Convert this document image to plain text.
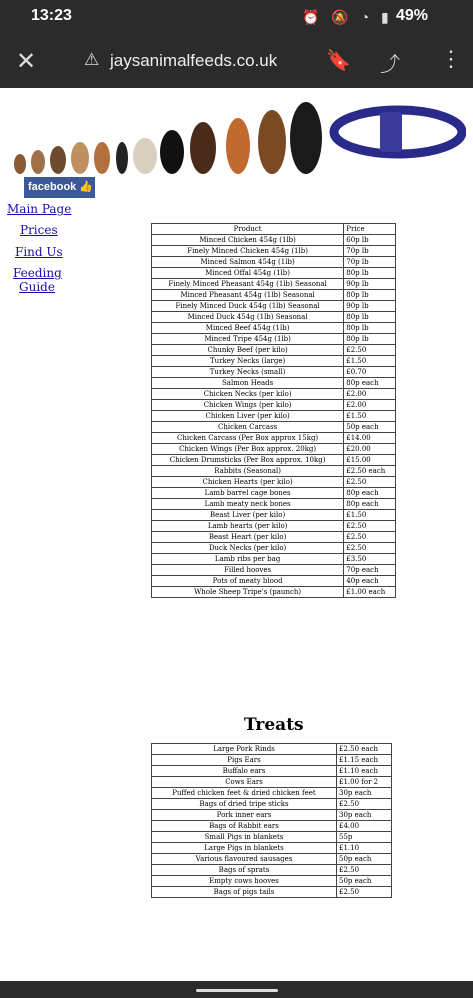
13:23	⏰ 🔕 ◔ ▮ 49%
✕	⚠ jaysanimalfeeds.co.uk 🔖 ⤴ ⋮
facebook 👍
Main Page
Prices
Find Us
Feeding Guide
Product	Price
Minced Chicken 454g (1lb)	60p lb
Finely Minced Chicken 454g (1lb)	70p lb
Minced Salmon 454g (1lb)	70p lb
Minced Offal 454g (1lb)	80p lb
Finely Minced Pheasant 454g (1lb) Seasonal	90p lb
Minced Pheasant 454g (1lb) Seasonal	80p lb
Finely Minced Duck 454g (1lb) Seasonal	90p lb
Minced Duck 454g (1lb) Seasonal	80p lb
Minced Beef 454g (1lb)	80p lb
Minced Tripe 454g (1lb)	80p lb
Chunky Beef (per kilo)	£2.50
Turkey Necks (large)	£1.50
Turkey Necks (small)	£0.70
Salmon Heads	80p each
Chicken Necks (per kilo)	£2.00
Chicken Wings (per kilo)	£2.00
Chicken Liver (per kilo)	£1.50
Chicken Carcass	50p each
Chicken Carcass (Per Box approx 15kg)	£14.00
Chicken Wings (Per Box approx. 20kg)	£20.00
Chicken Drumsticks (Per Box approx. 10kg)	£15.00
Rabbits (Seasonal)	£2.50 each
Chicken Hearts (per kilo)	£2.50
Lamb barrel cage bones	80p each
Lamb meaty neck bones	80p each
Beast Liver (per kilo)	£1.50
Lamb hearts (per kilo)	£2.50
Beast Heart (per kilo)	£2.50
Duck Necks (per kilo)	£2.50
Lamb ribs per bag	£3.50
Filled hooves	70p each
Pots of meaty blood	40p each
Whole Sheep Tripe's (paunch)	£1.00 each
Treats
Large Pork Rinds	£2.50 each
Pigs Ears	£1.15 each
Buffalo ears	£1.10 each
Cows Ears	£1.00 for 2
Puffed chicken feet & dried chicken feet	30p each
Bags of dried tripe sticks	£2.50
Pork inner ears	30p each
Bags of Rabbit ears	£4.00
Small Pigs in blankets	55p
Large Pigs in blankets	£1.10
Various flavoured sausages	50p each
Bags of sprats	£2.50
Empty cows hooves	50p each
Bags of pigs tails	£2.50
